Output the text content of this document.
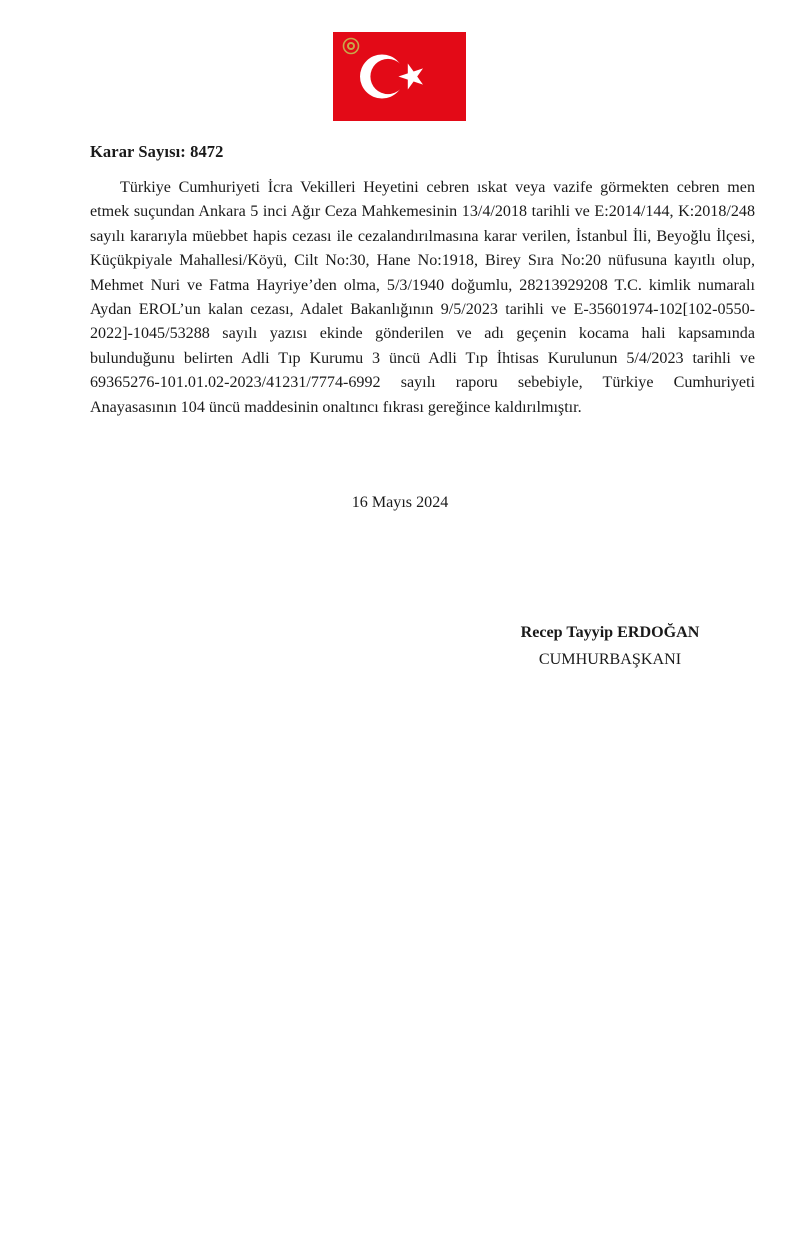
Karar Sayısı: 8472

Türkiye Cumhuriyeti İcra Vekilleri Heyetini cebren ıskat veya vazife görmekten cebren men etmek suçundan Ankara 5 inci Ağır Ceza Mahkemesinin 13/4/2018 tarihli ve E:2014/144, K:2018/248 sayılı kararıyla müebbet hapis cezası ile cezalandırılmasına karar verilen, İstanbul İli, Beyoğlu İlçesi, Küçükpiyale Mahallesi/Köyü, Cilt No:30, Hane No:1918, Birey Sıra No:20 nüfusuna kayıtlı olup, Mehmet Nuri ve Fatma Hayriye’den olma, 5/3/1940 doğumlu, 28213929208 T.C. kimlik numaralı Aydan EROL’un kalan cezası, Adalet Bakanlığının 9/5/2023 tarihli ve E-35601974-102[102-0550-2022]-1045/53288 sayılı yazısı ekinde gönderilen ve adı geçenin kocama hali kapsamında bulunduğunu belirten Adli Tıp Kurumu 3 üncü Adli Tıp İhtisas Kurulunun 5/4/2023 tarihli ve 69365276-101.01.02-2023/41231/7774-6992 sayılı raporu sebebiyle, Türkiye Cumhuriyeti Anayasasının 104 üncü maddesinin onaltıncı fıkrası gereğince kaldırılmıştır.

16 Mayıs 2024
Recep Tayyip ERDOĞAN
CUMHURBAŞKANI
